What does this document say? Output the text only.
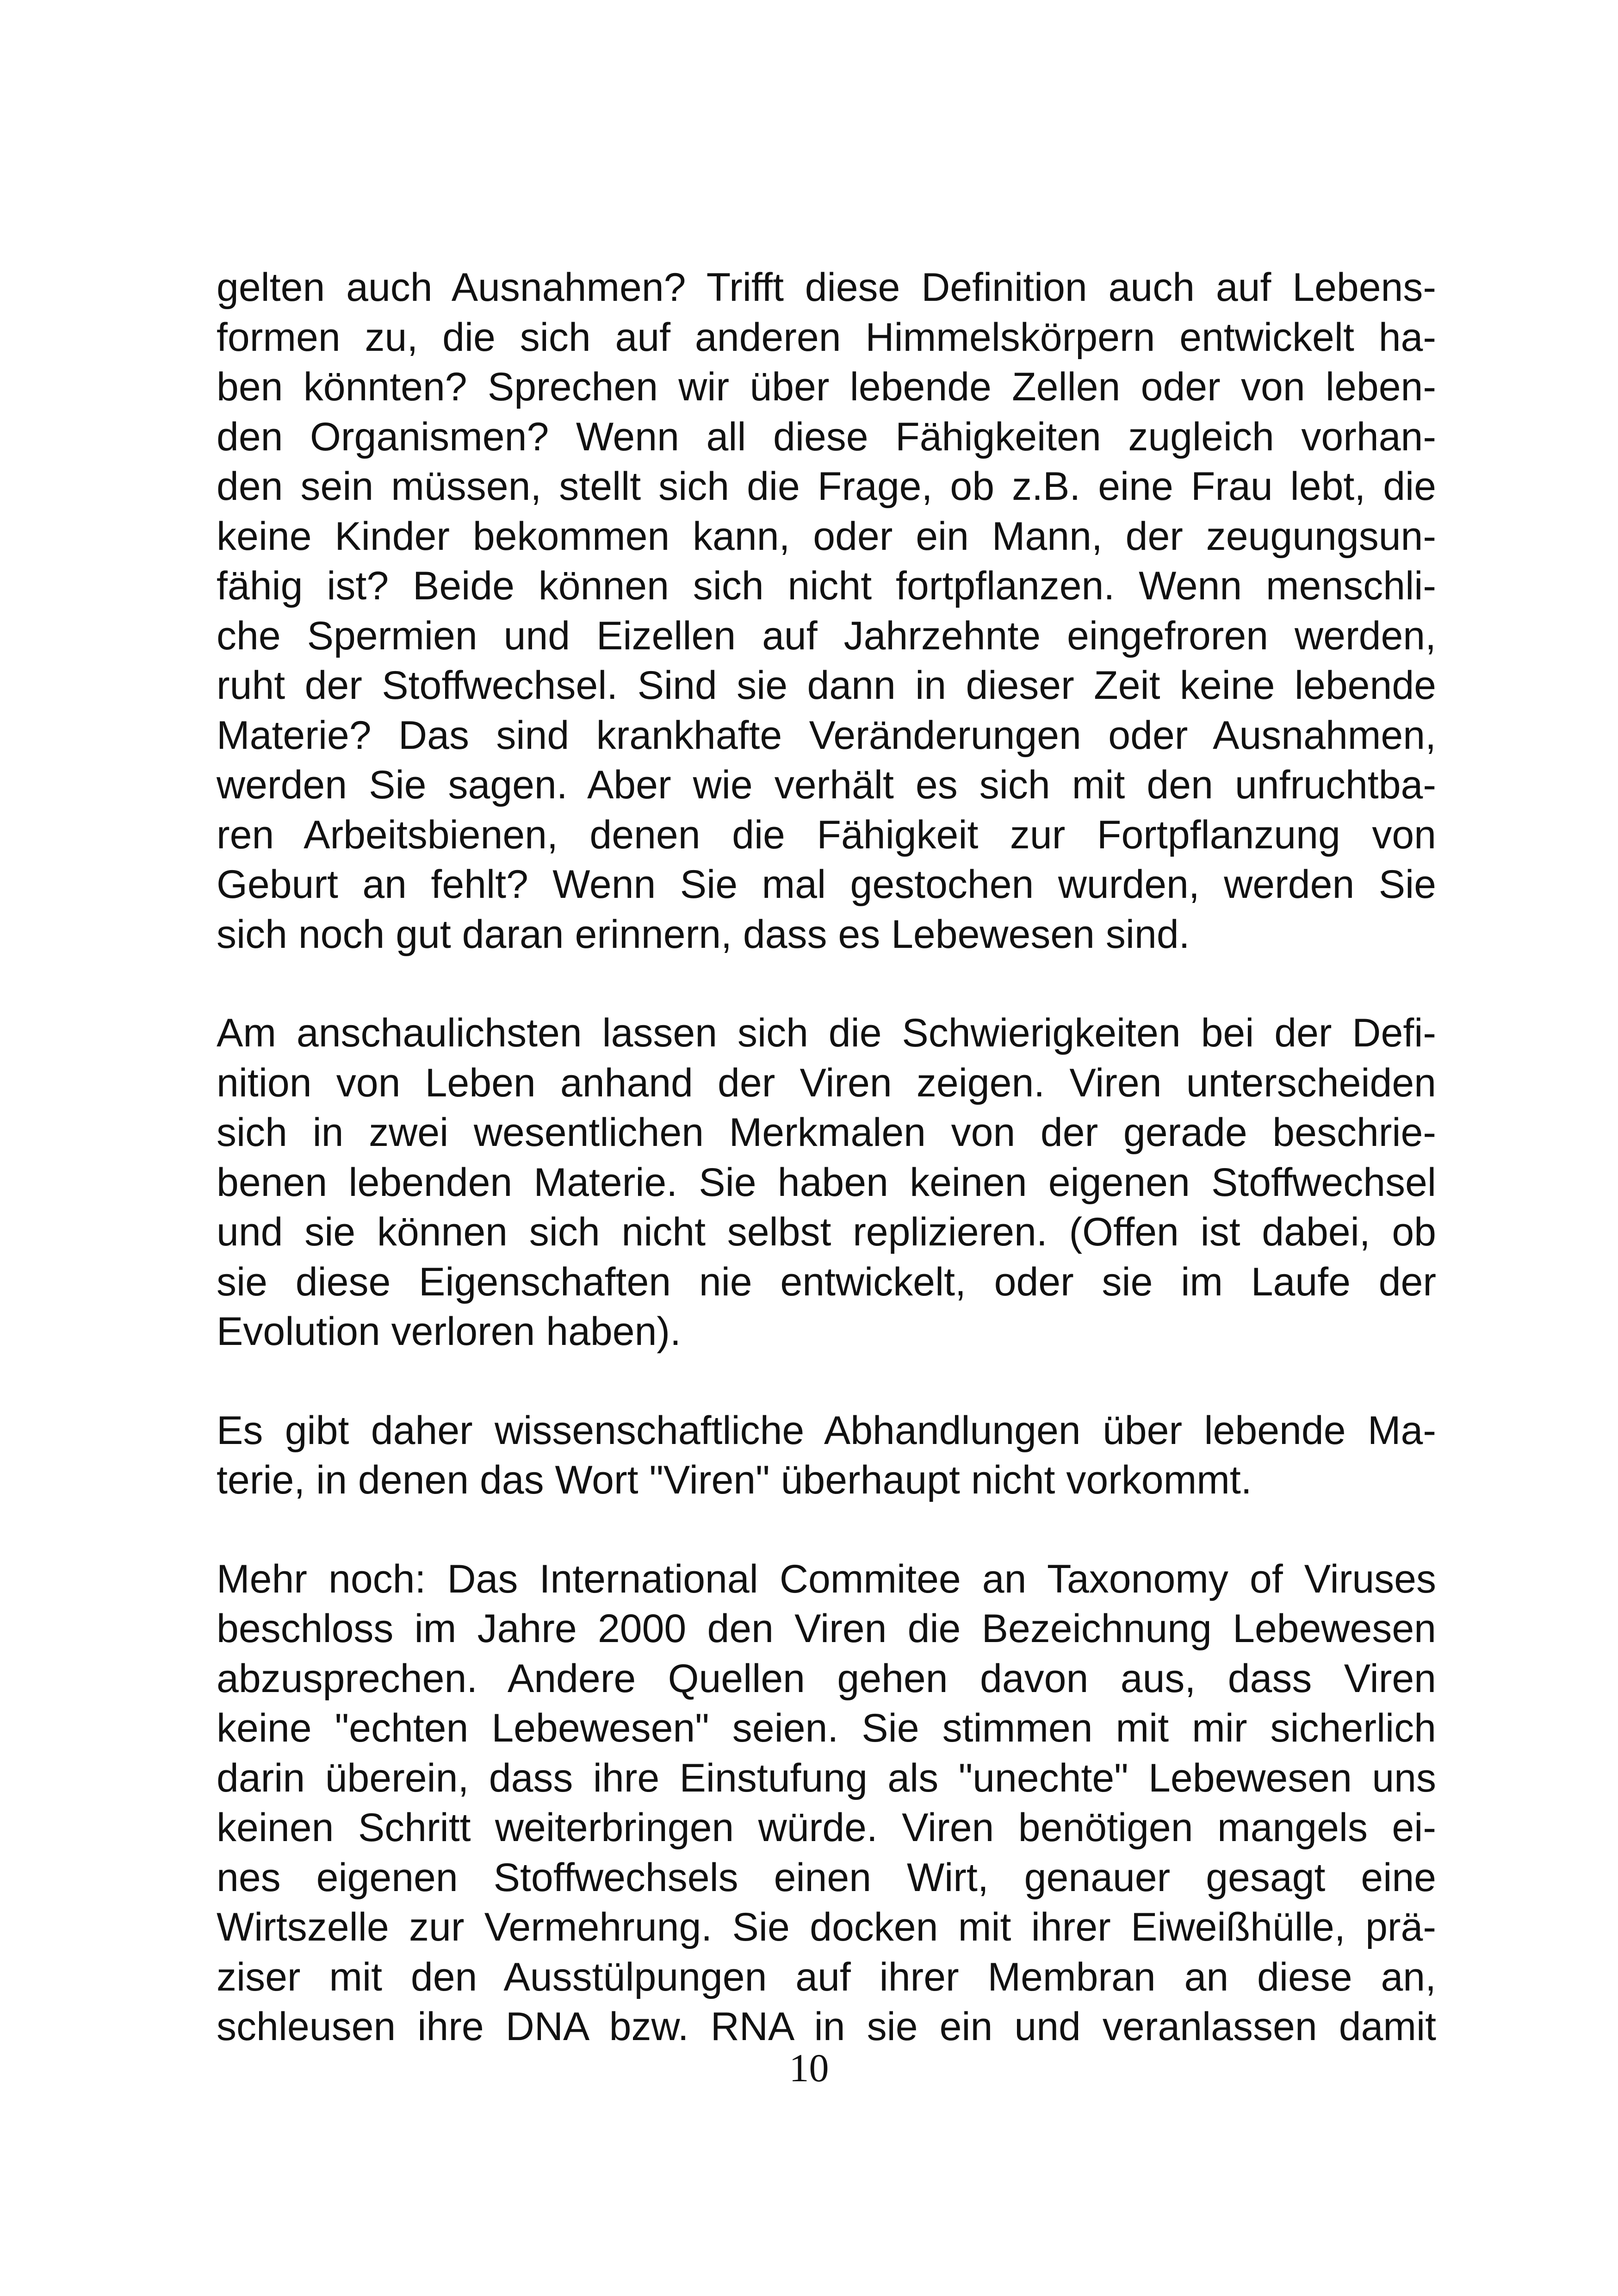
gelten auch Ausnahmen? Trifft diese Definition auch auf Lebens-
formen zu, die sich auf anderen Himmelskörpern entwickelt ha-
ben könnten? Sprechen wir über lebende Zellen oder von leben-
den Organismen? Wenn all diese Fähigkeiten zugleich vorhan-
den sein müssen, stellt sich die Frage, ob z.B. eine Frau lebt, die
keine Kinder bekommen kann, oder ein Mann, der zeugungsun-
fähig ist? Beide können sich nicht fortpflanzen. Wenn menschli-
che Spermien und Eizellen auf Jahrzehnte eingefroren werden,
ruht der Stoffwechsel. Sind sie dann in dieser Zeit keine lebende
Materie? Das sind krankhafte Veränderungen oder Ausnahmen,
werden Sie sagen. Aber wie verhält es sich mit den unfruchtba-
ren Arbeitsbienen, denen die Fähigkeit zur Fortpflanzung von
Geburt an fehlt? Wenn Sie mal gestochen wurden, werden Sie
sich noch gut daran erinnern, dass es Lebewesen sind.

Am anschaulichsten lassen sich die Schwierigkeiten bei der Defi-
nition von Leben anhand der Viren zeigen. Viren unterscheiden
sich in zwei wesentlichen Merkmalen von der gerade beschrie-
benen lebenden Materie. Sie haben keinen eigenen Stoffwechsel
und sie können sich nicht selbst replizieren. (Offen ist dabei, ob
sie diese Eigenschaften nie entwickelt, oder sie im Laufe der
Evolution verloren haben).

Es gibt daher wissenschaftliche Abhandlungen über lebende Ma-
terie, in denen das Wort "Viren" überhaupt nicht vorkommt.

Mehr noch: Das International Commitee an Taxonomy of Viruses
beschloss im Jahre 2000 den Viren die Bezeichnung Lebewesen
abzusprechen. Andere Quellen gehen davon aus, dass Viren
keine "echten Lebewesen" seien. Sie stimmen mit mir sicherlich
darin überein, dass ihre Einstufung als "unechte" Lebewesen uns
keinen Schritt weiterbringen würde. Viren benötigen mangels ei-
nes eigenen Stoffwechsels einen Wirt, genauer gesagt eine
Wirtszelle zur Vermehrung. Sie docken mit ihrer Eiweißhülle, prä-
ziser mit den Ausstülpungen auf ihrer Membran an diese an,
schleusen ihre DNA bzw. RNA in sie ein und veranlassen damit

10
